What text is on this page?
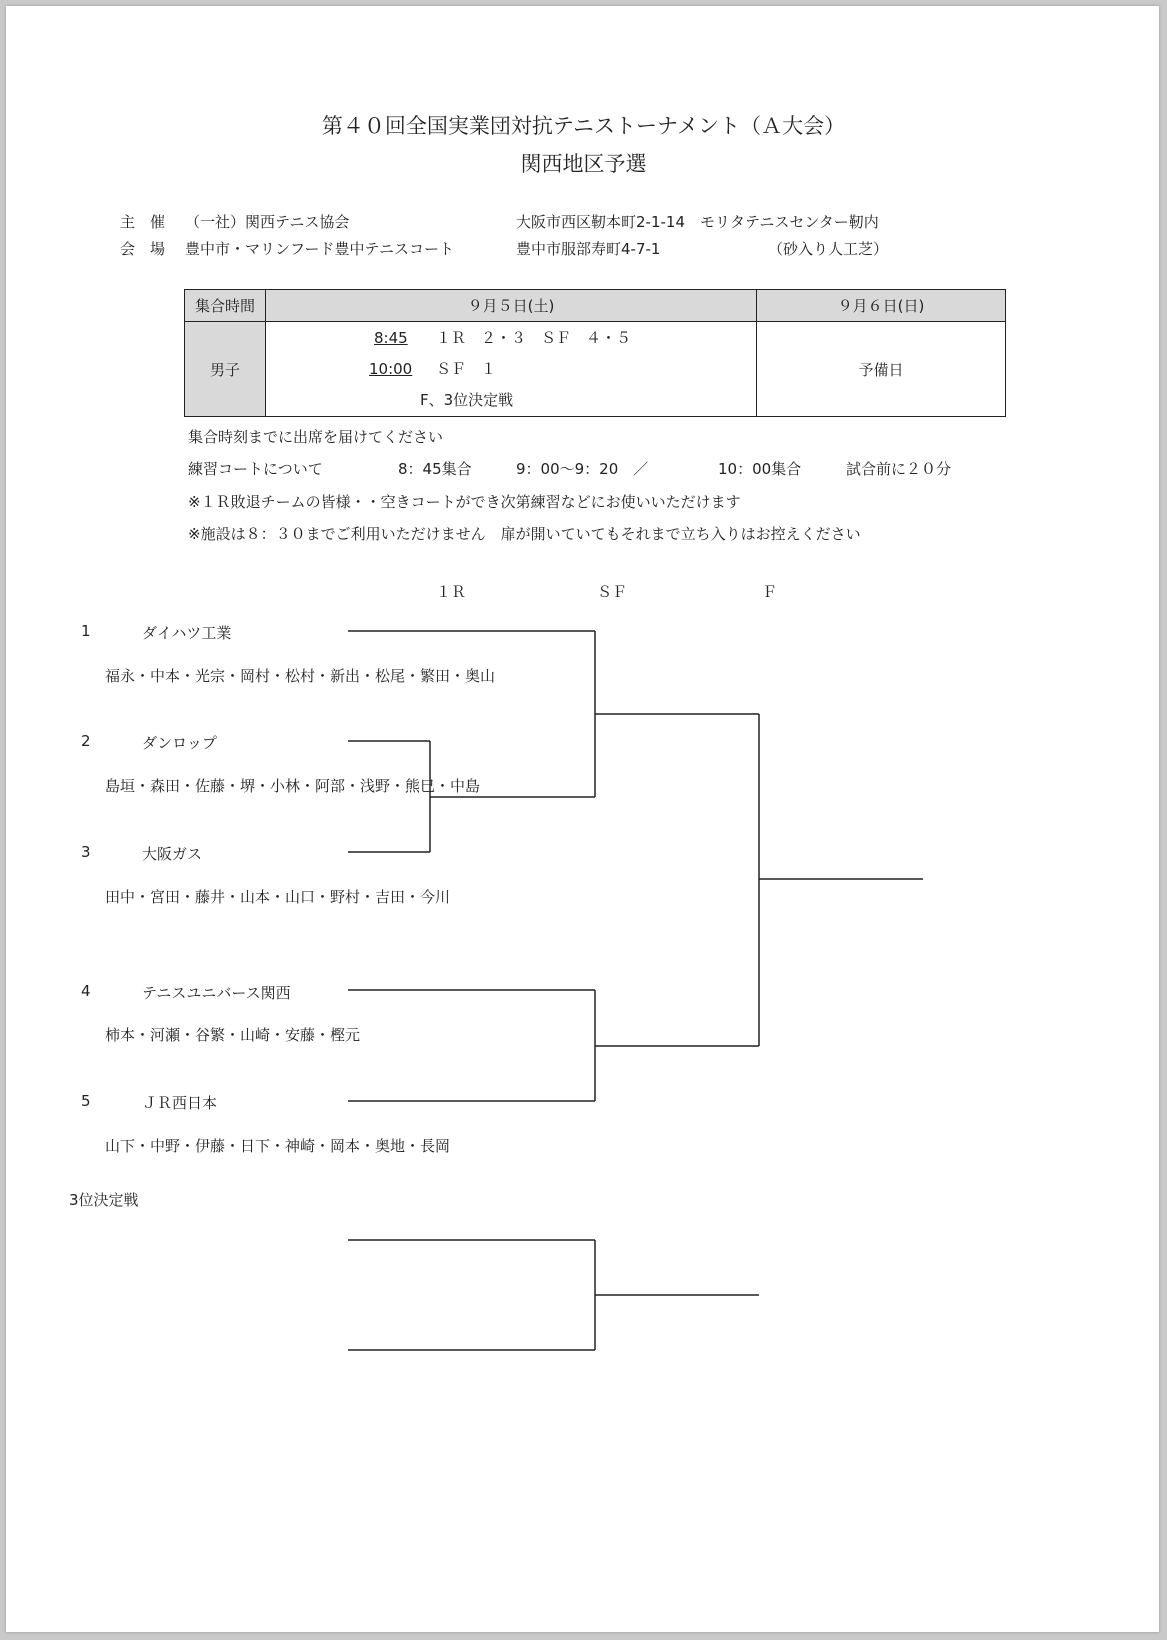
第４０回全国実業団対抗テニストーナメント（Ａ大会）
関西地区予選
主　催 （一社）関西テニス協会	大阪市西区靭本町2-1-14　モリタテニスセンター靭内
会　場 豊中市・マリンフード豊中テニスコート	豊中市服部寿町4-7-1	（砂入り人工芝）
集合時間	９月５日(土)	９月６日(日)
男子	8:45 １Ｒ　２・３　ＳＦ　４・５
10:00 ＳＦ　１
F、3位決定戦	予備日
集合時刻までに出席を届けてください
練習コートについて	8：45集合	9：00～9：20　／	10：00集合	試合前に２０分
※１Ｒ敗退チームの皆様・・空きコートができ次第練習などにお使いいただけます
※施設は８：３０までご利用いただけません　扉が開いていてもそれまで立ち入りはお控えください
１Ｒ	ＳＦ	Ｆ
1	ダイハツ工業
福永・中本・光宗・岡村・松村・新出・松尾・繁田・奥山
2	ダンロップ
島垣・森田・佐藤・堺・小林・阿部・浅野・熊巳・中島
3	大阪ガス
田中・宮田・藤井・山本・山口・野村・吉田・今川
4	テニスユニバース関西
柿本・河瀬・谷繁・山崎・安藤・樫元
5	ＪＲ西日本
山下・中野・伊藤・日下・神崎・岡本・奥地・長岡
3位決定戦
